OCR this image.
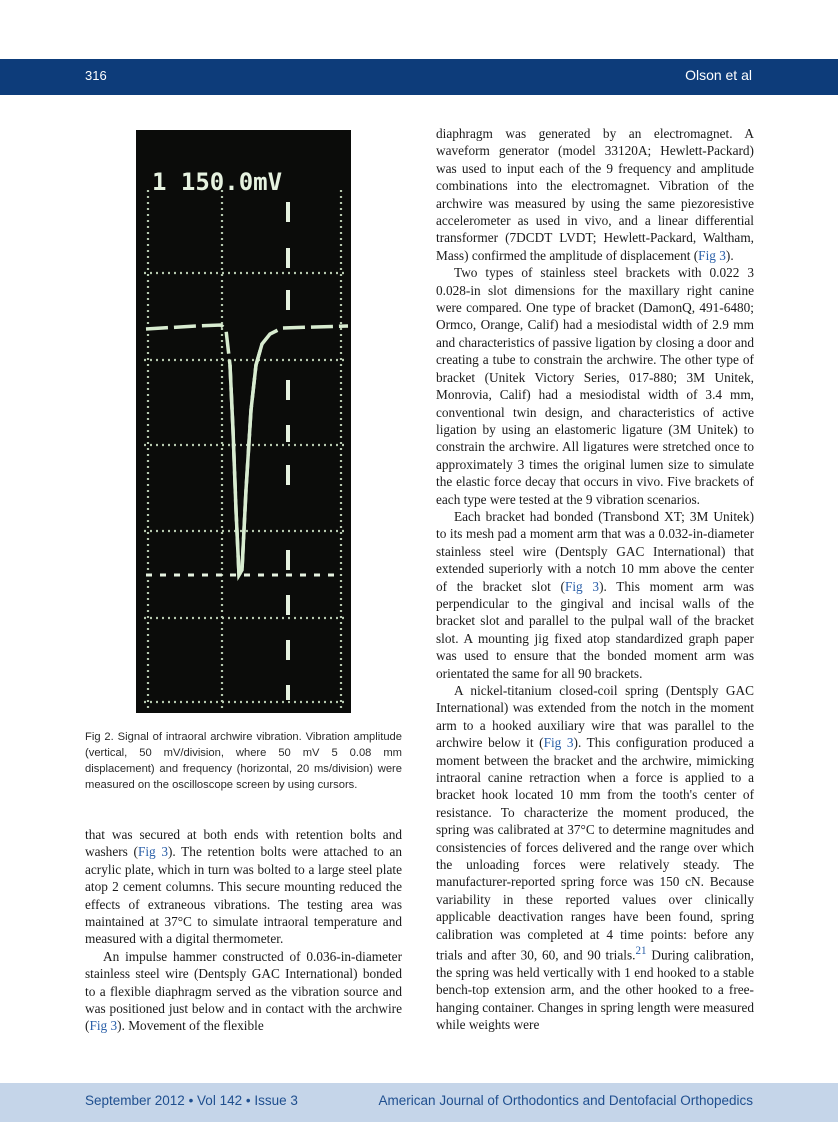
316	Olson et al
1 150.0mV
Fig 2. Signal of intraoral archwire vibration. Vibration amplitude (vertical, 50 mV/division, where 50 mV 5 0.08 mm displacement) and frequency (horizontal, 20 ms/division) were measured on the oscilloscope screen by using cursors.

that was secured at both ends with retention bolts and washers (Fig 3). The retention bolts were attached to an acrylic plate, which in turn was bolted to a large steel plate atop 2 cement columns. This secure mounting reduced the effects of extraneous vibrations. The testing area was maintained at 37°C to simulate intraoral temperature and measured with a digital thermometer.

An impulse hammer constructed of 0.036-in-diameter stainless steel wire (Dentsply GAC International) bonded to a flexible diaphragm served as the vibration source and was positioned just below and in contact with the archwire (Fig 3). Movement of the flexible

diaphragm was generated by an electromagnet. A waveform generator (model 33120A; Hewlett-Packard) was used to input each of the 9 frequency and amplitude combinations into the electromagnet. Vibration of the archwire was measured by using the same piezoresistive accelerometer as used in vivo, and a linear differential transformer (7DCDT LVDT; Hewlett-Packard, Waltham, Mass) confirmed the amplitude of displacement (Fig 3).

Two types of stainless steel brackets with 0.022 3 0.028-in slot dimensions for the maxillary right canine were compared. One type of bracket (DamonQ, 491-6480; Ormco, Orange, Calif) had a mesiodistal width of 2.9 mm and characteristics of passive ligation by closing a door and creating a tube to constrain the archwire. The other type of bracket (Unitek Victory Series, 017-880; 3M Unitek, Monrovia, Calif) had a mesiodistal width of 3.4 mm, conventional twin design, and characteristics of active ligation by using an elastomeric ligature (3M Unitek) to constrain the archwire. All ligatures were stretched once to approximately 3 times the original lumen size to simulate the elastic force decay that occurs in vivo. Five brackets of each type were tested at the 9 vibration scenarios.

Each bracket had bonded (Transbond XT; 3M Unitek) to its mesh pad a moment arm that was a 0.032-in-diameter stainless steel wire (Dentsply GAC International) that extended superiorly with a notch 10 mm above the center of the bracket slot (Fig 3). This moment arm was perpendicular to the gingival and incisal walls of the bracket slot and parallel to the pulpal wall of the bracket slot. A mounting jig fixed atop standardized graph paper was used to ensure that the bonded moment arm was orientated the same for all 90 brackets.

A nickel-titanium closed-coil spring (Dentsply GAC International) was extended from the notch in the moment arm to a hooked auxiliary wire that was parallel to the archwire below it (Fig 3). This configuration produced a moment between the bracket and the archwire, mimicking intraoral canine retraction when a force is applied to a bracket hook located 10 mm from the tooth's center of resistance. To characterize the moment produced, the spring was calibrated at 37°C to determine magnitudes and consistencies of forces delivered and the range over which the unloading forces were relatively steady. The manufacturer-reported spring force was 150 cN. Because variability in these reported values over clinically applicable deactivation ranges have been found, spring calibration was completed at 4 time points: before any trials and after 30, 60, and 90 trials.$^{21}$ During calibration, the spring was held vertically with 1 end hooked to a stable bench-top extension arm, and the other hooked to a free-hanging container. Changes in spring length were measured while weights were

September 2012 • Vol 142 • Issue 3	American Journal of Orthodontics and Dentofacial Orthopedics
